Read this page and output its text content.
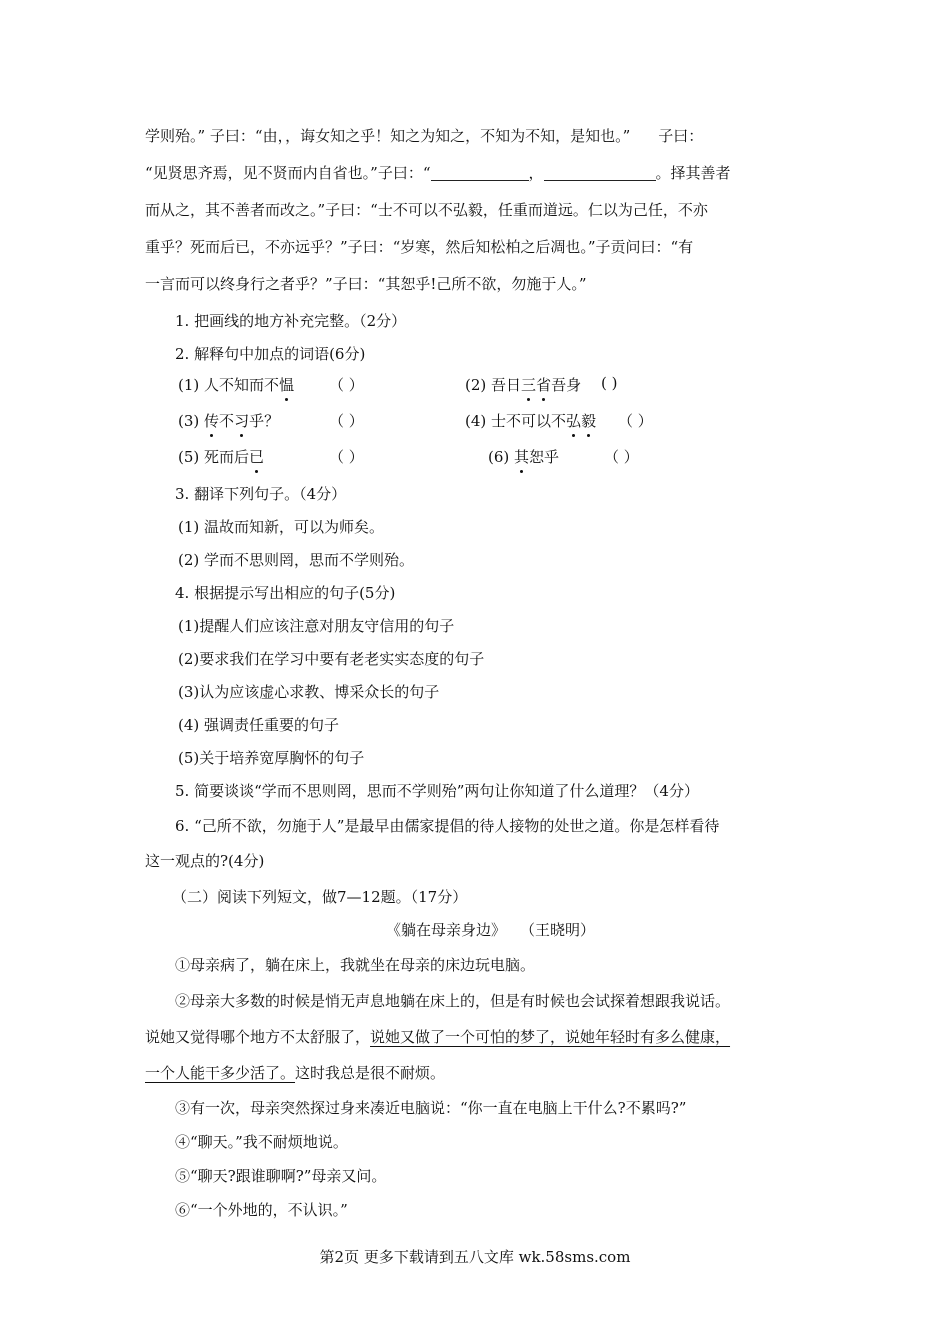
学则殆。” 子曰：“由，，诲女知之乎！知之为知之，不知为不知，是知也。” 子曰：
“见贤思齐焉，见不贤而内自省也。”子曰：“	，	。择其善者
而从之，其不善者而改之。”子曰：“士不可以不弘毅，任重而道远。仁以为己任，不亦
重乎？死而后已，不亦远乎？”子曰：“岁寒，然后知松柏之后凋也。”子贡问曰：“有
一言而可以终身行之者乎？”子曰：“其恕乎!己所不欲，勿施于人。”
1. 把画线的地方补充完整。（2分）
2. 解释句中加点的词语(6分)
(1) 人不知而不愠 （ ）	(2) 吾日三省吾身 ( )
(3) 传不习乎？	（ ）	(4) 士不可以不弘毅 （ ）
(5) 死而后已	（ ）	(6) 其恕乎	（ ）
3. 翻译下列句子。（4分）
(1) 温故而知新，可以为师矣。
(2) 学而不思则罔，思而不学则殆。
4. 根据提示写出相应的句子(5分)
(1)提醒人们应该注意对朋友守信用的句子
(2)要求我们在学习中要有老老实实态度的句子
(3)认为应该虚心求教、博采众长的句子
(4) 强调责任重要的句子
(5)关于培养宽厚胸怀的句子
5. 简要谈谈“学而不思则罔，思而不学则殆”两句让你知道了什么道理？（4分）
6. “己所不欲，勿施于人”是最早由儒家提倡的待人接物的处世之道。你是怎样看待
这一观点的?(4分)
（二）阅读下列短文，做7—12题。（17分）
《躺在母亲身边》 （王晓明）
①母亲病了，躺在床上，我就坐在母亲的床边玩电脑。
②母亲大多数的时候是悄无声息地躺在床上的，但是有时候也会试探着想跟我说话。
说她又觉得哪个地方不太舒服了，说她又做了一个可怕的梦了，说她年轻时有多么健康，
一个人能干多少活了。这时我总是很不耐烦。
③有一次，母亲突然探过身来凑近电脑说：“你一直在电脑上干什么?不累吗?”
④“聊天。”我不耐烦地说。
⑤“聊天?跟谁聊啊?”母亲又问。
⑥“一个外地的，不认识。”
第2页 更多下载请到五八文库 wk.58sms.com
